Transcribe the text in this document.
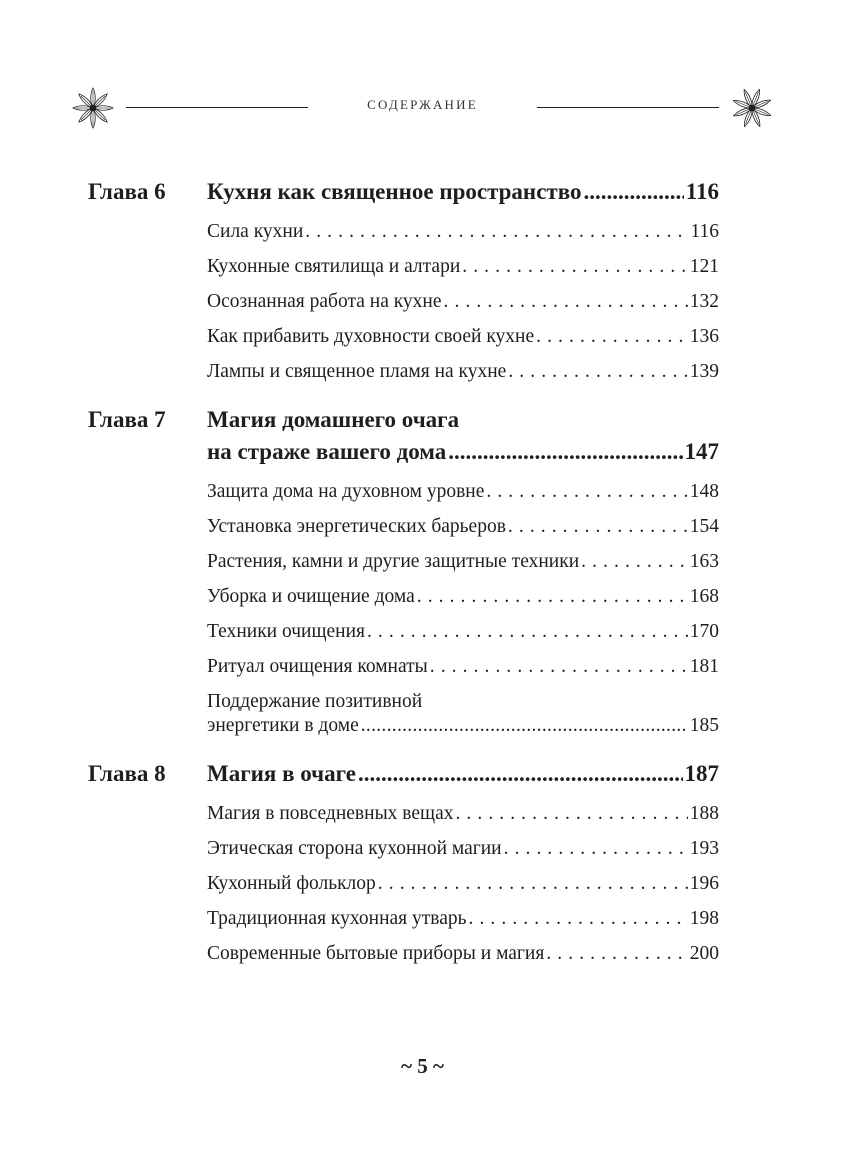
СОДЕРЖАНИЕ
Глава 6 Кухня как священное пространство .....	116
Сила кухни . . .	116
Кухонные святилища и алтари . . .	121
Осознанная работа на кухне . . .	132
Как прибавить духовности своей кухне . . .	136
Лампы и священное пламя на кухне . . .	139
Глава 7 Магия домашнего очага
на страже вашего дома .....	147
Защита дома на духовном уровне . . .	148
Установка энергетических барьеров . . .	154
Растения, камни и другие защитные техники . . .	163
Уборка и очищение дома . . .	168
Техники очищения . . .	170
Ритуал очищения комнаты . . .	181
Поддержание позитивной
энергетики в доме .....	185
Глава 8 Магия в очаге .....	187
Магия в повседневных вещах . . .	188
Этическая сторона кухонной магии . . .	193
Кухонный фольклор . . .	196
Традиционная кухонная утварь . . .	198
Современные бытовые приборы и магия . . .	200
~ 5 ~
